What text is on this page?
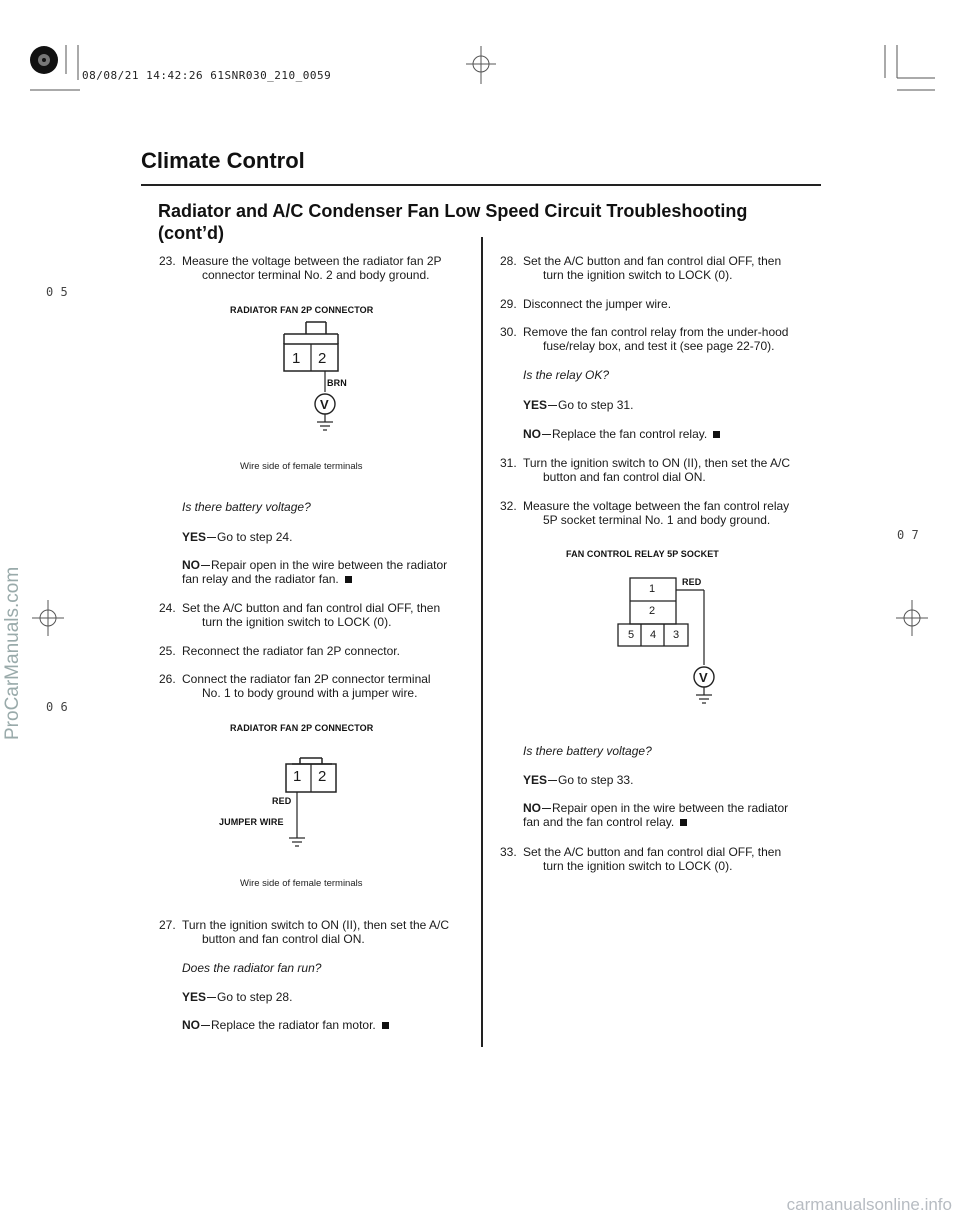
08/08/21 14:42:26 61SNR030_210_0059
0 5
0 7
0 6
Climate Control
Radiator and A/C Condenser Fan Low Speed Circuit Troubleshooting
(cont’d)
23. Measure the voltage between the radiator fan 2P
connector terminal No. 2 and body ground.
RADIATOR FAN 2P CONNECTOR
1 2
BRN
V
Wire side of female terminals
Is there battery voltage?
YES Go to step 24.
NO Repair open in the wire between the radiator
fan relay and the radiator fan.
24. Set the A/C button and fan control dial OFF, then
turn the ignition switch to LOCK (0).
25. Reconnect the radiator fan 2P connector.
26. Connect the radiator fan 2P connector terminal
No. 1 to body ground with a jumper wire.
RADIATOR FAN 2P CONNECTOR
1 2
RED
JUMPER WIRE
Wire side of female terminals
27. Turn the ignition switch to ON (II), then set the A/C
button and fan control dial ON.
Does the radiator fan run?
YES Go to step 28.
NO Replace the radiator fan motor.
28. Set the A/C button and fan control dial OFF, then
turn the ignition switch to LOCK (0).
29. Disconnect the jumper wire.
30. Remove the fan control relay from the under-hood
fuse/relay box, and test it (see page 22-70).
Is the relay OK?
YES Go to step 31.
NO Replace the fan control relay.
31. Turn the ignition switch to ON (II), then set the A/C
button and fan control dial ON.
32. Measure the voltage between the fan control relay
5P socket terminal No. 1 and body ground.
FAN CONTROL RELAY 5P SOCKET
1
2
5 4 3
RED
V
Is there battery voltage?
YES Go to step 33.
NO Repair open in the wire between the radiator
fan and the fan control relay.
33. Set the A/C button and fan control dial OFF, then
turn the ignition switch to LOCK (0).
ProCarManuals.com
carmanualsonline.info
